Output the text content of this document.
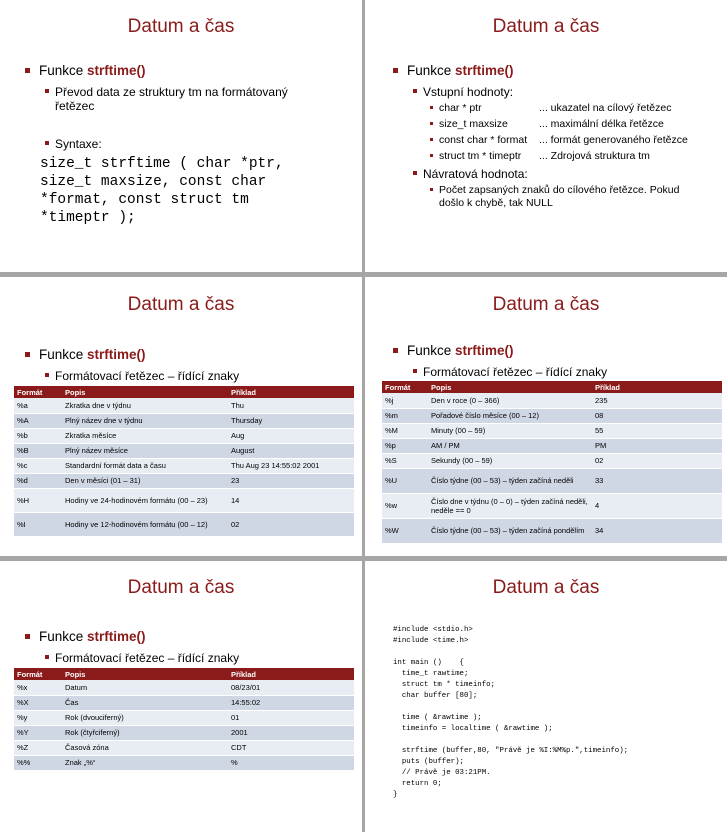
Datum a čas
Funkce strftime()
Převod data ze struktury tm na formátovaný řetězec
Syntaxe:
size_t strftime ( char *ptr,
size_t maxsize, const char
*format, const struct tm
*timeptr );
Datum a čas
Funkce strftime()
Vstupní hodnoty:
char * ptr	... ukazatel na cílový řetězec
size_t maxsize	... maximální délka řetězce
const char * format ... formát generovaného řetězce
struct tm * timeptr ... Zdrojová struktura tm
Návratová hodnota:
Počet zapsaných znaků do cílového řetězce. Pokud došlo k chybě, tak NULL
Datum a čas
Funkce strftime()
Formátovací řetězec – řídící znaky
Formát	Popis	Příklad
%a	Zkratka dne v týdnu	Thu
%A	Plný název dne v týdnu	Thursday
%b	Zkratka měsíce	Aug
%B	Plný název měsíce	August
%c	Standardní formát data a času	Thu Aug 23 14:55:02 2001
%d	Den v měsíci (01 – 31)	23
%H	Hodiny ve 24-hodinovém formátu (00 – 23)	14
%I	Hodiny ve 12-hodinovém formátu (00 – 12)	02
Datum a čas
Funkce strftime()
Formátovací řetězec – řídící znaky
Formát	Popis	Příklad
%j	Den v roce (0 – 366)	235
%m	Pořadové číslo měsíce (00 – 12)	08
%M	Minuty (00 – 59)	55
%p	AM / PM	PM
%S	Sekundy (00 – 59)	02
%U	Číslo týdne (00 – 53) – týden začíná neděli	33
%w	Číslo dne v týdnu (0 – 0) – týden začíná neděli, neděle == 0	4
%W	Číslo týdne (00 – 53) – týden začíná pondělím	34
Datum a čas
Funkce strftime()
Formátovací řetězec – řídící znaky
Formát	Popis	Příklad
%x	Datum	08/23/01
%X	Čas	14:55:02
%y	Rok (dvouciferný)	01
%Y	Rok (čtyřciferný)	2001
%Z	Časová zóna	CDT
%%	Znak „%“	%
Datum a čas
#include <stdio.h>
#include <time.h>

int main ()    {
time_t rawtime;
struct tm * timeinfo;
char buffer [80];

time ( &rawtime );
timeinfo = localtime ( &rawtime );

strftime (buffer,80, "Právě je %I:%M%p.",timeinfo);
puts (buffer);
// Právě je 03:21PM.
return 0;
}
